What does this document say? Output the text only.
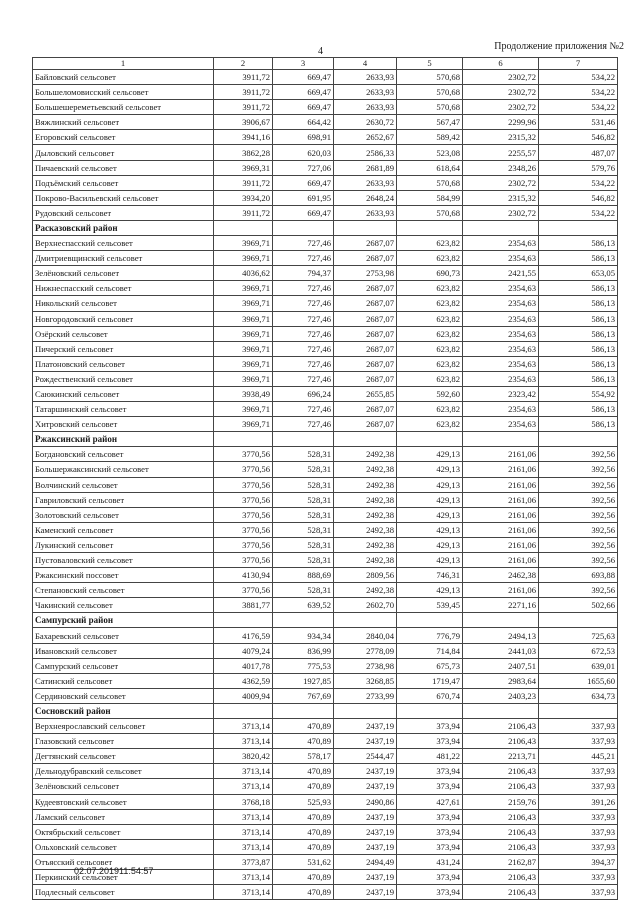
4	Продолжение приложения №2
1	2	3	4	5	6	7
Байловский сельсовет	3911,72	669,47	2633,93	570,68	2302,72	534,22
Большеломовисский сельсовет	3911,72	669,47	2633,93	570,68	2302,72	534,22
Большешереметьевский сельсовет	3911,72	669,47	2633,93	570,68	2302,72	534,22
Вяжлинский сельсовет	3906,67	664,42	2630,72	567,47	2299,96	531,46
Егоровский сельсовет	3941,16	698,91	2652,67	589,42	2315,32	546,82
Дыловский сельсовет	3862,28	620,03	2586,33	523,08	2255,57	487,07
Пичаевский сельсовет	3969,31	727,06	2681,89	618,64	2348,26	579,76
Подъёмский сельсовет	3911,72	669,47	2633,93	570,68	2302,72	534,22
Покрово-Васильевский сельсовет	3934,20	691,95	2648,24	584,99	2315,32	546,82
Рудовский сельсовет	3911,72	669,47	2633,93	570,68	2302,72	534,22
Расказовский район						
Верхнеспасский сельсовет	3969,71	727,46	2687,07	623,82	2354,63	586,13
Дмитриевщинский сельсовет	3969,71	727,46	2687,07	623,82	2354,63	586,13
Зелёновский сельсовет	4036,62	794,37	2753,98	690,73	2421,55	653,05
Нижнеспасский сельсовет	3969,71	727,46	2687,07	623,82	2354,63	586,13
Никольский сельсовет	3969,71	727,46	2687,07	623,82	2354,63	586,13
Новгородовский сельсовет	3969,71	727,46	2687,07	623,82	2354,63	586,13
Озёрский сельсовет	3969,71	727,46	2687,07	623,82	2354,63	586,13
Пичерский сельсовет	3969,71	727,46	2687,07	623,82	2354,63	586,13
Платоновский сельсовет	3969,71	727,46	2687,07	623,82	2354,63	586,13
Рождественский сельсовет	3969,71	727,46	2687,07	623,82	2354,63	586,13
Саюкинский сельсовет	3938,49	696,24	2655,85	592,60	2323,42	554,92
Татаршинский сельсовет	3969,71	727,46	2687,07	623,82	2354,63	586,13
Хитровский сельсовет	3969,71	727,46	2687,07	623,82	2354,63	586,13
Ржаксинский район						
Богдановский сельсовет	3770,56	528,31	2492,38	429,13	2161,06	392,56
Большержаксинский сельсовет	3770,56	528,31	2492,38	429,13	2161,06	392,56
Волчинский сельсовет	3770,56	528,31	2492,38	429,13	2161,06	392,56
Гавриловский сельсовет	3770,56	528,31	2492,38	429,13	2161,06	392,56
Золотовский сельсовет	3770,56	528,31	2492,38	429,13	2161,06	392,56
Каменский сельсовет	3770,56	528,31	2492,38	429,13	2161,06	392,56
Лукинский сельсовет	3770,56	528,31	2492,38	429,13	2161,06	392,56
Пустовaловский сельсовет	3770,56	528,31	2492,38	429,13	2161,06	392,56
Ржаксинский поссовет	4130,94	888,69	2809,56	746,31	2462,38	693,88
Степановский сельсовет	3770,56	528,31	2492,38	429,13	2161,06	392,56
Чакинский сельсовет	3881,77	639,52	2602,70	539,45	2271,16	502,66
Сампурский район						
Бахаревский сельсовет	4176,59	934,34	2840,04	776,79	2494,13	725,63
Ивановский сельсовет	4079,24	836,99	2778,09	714,84	2441,03	672,53
Сампурский сельсовет	4017,78	775,53	2738,98	675,73	2407,51	639,01
Сатинский сельсовет	4362,59	1927,85	3268,85	1719,47	2983,64	1655,60
Сердиновский сельсовет	4009,94	767,69	2733,99	670,74	2403,23	634,73
Сосновский район						
Верхнеярославский сельсовет	3713,14	470,89	2437,19	373,94	2106,43	337,93
Глазовский сельсовет	3713,14	470,89	2437,19	373,94	2106,43	337,93
Дегтянский сельсовет	3820,42	578,17	2544,47	481,22	2213,71	445,21
Дельнодубравский сельсовет	3713,14	470,89	2437,19	373,94	2106,43	337,93
Зелёновский сельсовет	3713,14	470,89	2437,19	373,94	2106,43	337,93
Кудеевтовский сельсовет	3768,18	525,93	2490,86	427,61	2159,76	391,26
Ламский сельсовет	3713,14	470,89	2437,19	373,94	2106,43	337,93
Октябрьский сельсовет	3713,14	470,89	2437,19	373,94	2106,43	337,93
Ольховский сельсовет	3713,14	470,89	2437,19	373,94	2106,43	337,93
Отъясский сельсовет	3773,87	531,62	2494,49	431,24	2162,87	394,37
Перкинский сельсовет	3713,14	470,89	2437,19	373,94	2106,43	337,93
Подлесный сельсовет	3713,14	470,89	2437,19	373,94	2106,43	337,93
02.07.201911:54:57
